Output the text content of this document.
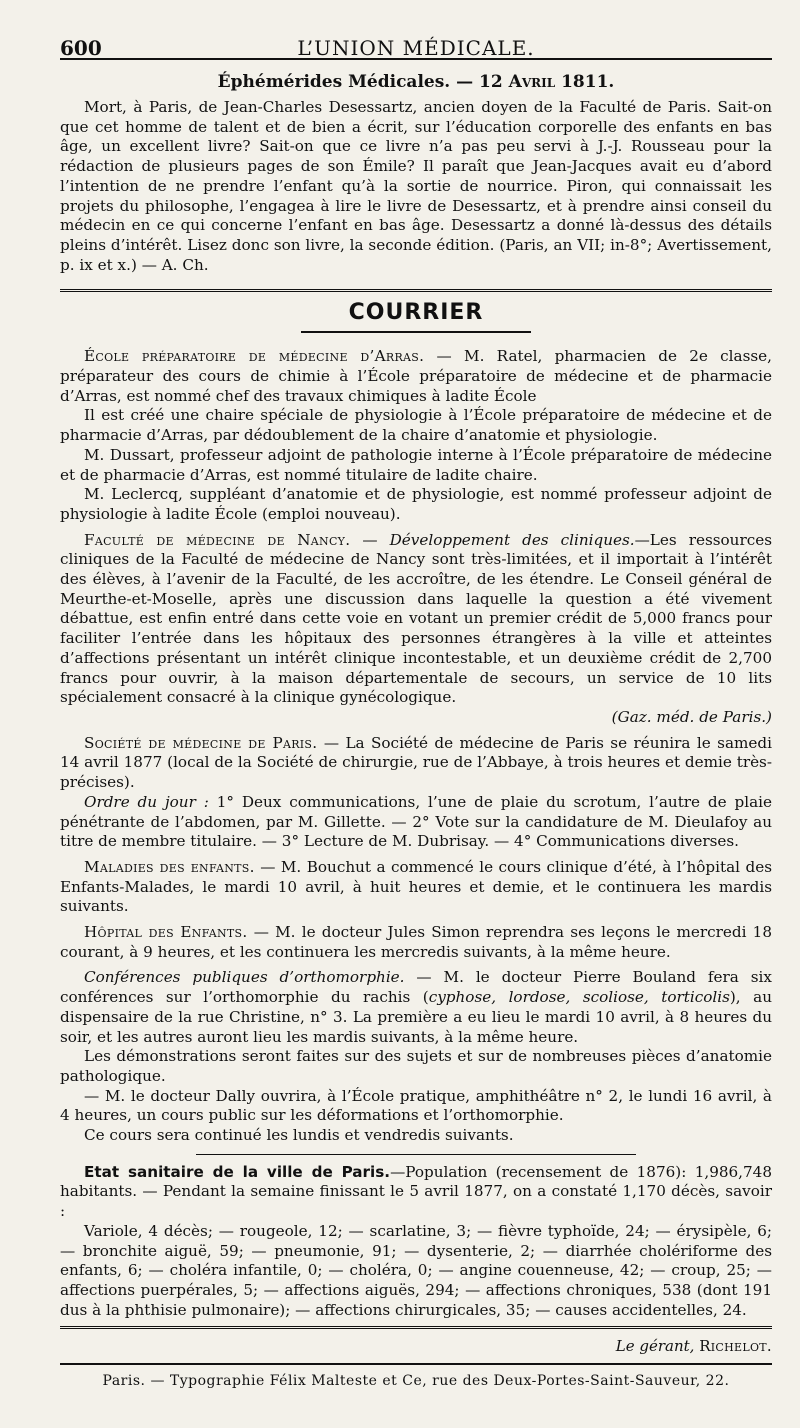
600	L’UNION MÉDICALE.
Éphémérides Médicales. — 12 Avril 1811.

Mort, à Paris, de Jean-Charles Desessartz, ancien doyen de la Faculté de Paris. Sait-on que cet homme de talent et de bien a écrit, sur l’éducation corporelle des enfants en bas âge, un excellent livre? Sait-on que ce livre n’a pas peu servi à J.-J. Rousseau pour la rédaction de plusieurs pages de son Émile? Il paraît que Jean-Jacques avait eu d’abord l’intention de ne prendre l’enfant qu’à la sortie de nourrice. Piron, qui connaissait les projets du philosophe, l’engagea à lire le livre de Desessartz, et à prendre ainsi conseil du médecin en ce qui concerne l’enfant en bas âge. Desessartz a donné là-dessus des détails pleins d’intérêt. Lisez donc son livre, la seconde édition. (Paris, an VII; in-8°; Avertissement, p. ix et x.) — A. Ch.

COURRIER

École préparatoire de médecine d’Arras. — M. Ratel, pharmacien de 2e classe, préparateur des cours de chimie à l’École préparatoire de médecine et de pharmacie d’Arras, est nommé chef des travaux chimiques à ladite École

Il est créé une chaire spéciale de physiologie à l’École préparatoire de médecine et de pharmacie d’Arras, par dédoublement de la chaire d’anatomie et physiologie.

M. Dussart, professeur adjoint de pathologie interne à l’École préparatoire de médecine et de pharmacie d’Arras, est nommé titulaire de ladite chaire.

M. Leclercq, suppléant d’anatomie et de physiologie, est nommé professeur adjoint de physiologie à ladite École (emploi nouveau).

Faculté de médecine de Nancy. — Développement des cliniques.—Les ressources cliniques de la Faculté de médecine de Nancy sont très-limitées, et il importait à l’intérêt des élèves, à l’avenir de la Faculté, de les accroître, de les étendre. Le Conseil général de Meurthe-et-Moselle, après une discussion dans laquelle la question a été vivement débattue, est enfin entré dans cette voie en votant un premier crédit de 5,000 francs pour faciliter l’entrée dans les hôpitaux des personnes étrangères à la ville et atteintes d’affections présentant un intérêt clinique incontestable, et un deuxième crédit de 2,700 francs pour ouvrir, à la maison départementale de secours, un service de 10 lits spécialement consacré à la clinique gynécologique.

(Gaz. méd. de Paris.)

Société de médecine de Paris. — La Société de médecine de Paris se réunira le samedi 14 avril 1877 (local de la Société de chirurgie, rue de l’Abbaye, à trois heures et demie très-précises).

Ordre du jour : 1° Deux communications, l’une de plaie du scrotum, l’autre de plaie pénétrante de l’abdomen, par M. Gillette. — 2° Vote sur la candidature de M. Dieulafoy au titre de membre titulaire. — 3° Lecture de M. Dubrisay. — 4° Communications diverses.

Maladies des enfants. — M. Bouchut a commencé le cours clinique d’été, à l’hôpital des Enfants-Malades, le mardi 10 avril, à huit heures et demie, et le continuera les mardis suivants.

Hôpital des Enfants. — M. le docteur Jules Simon reprendra ses leçons le mercredi 18 courant, à 9 heures, et les continuera les mercredis suivants, à la même heure.

Conférences publiques d’orthomorphie. — M. le docteur Pierre Bouland fera six conférences sur l’orthomorphie du rachis (cyphose, lordose, scoliose, torticolis), au dispensaire de la rue Christine, n° 3. La première a eu lieu le mardi 10 avril, à 8 heures du soir, et les autres auront lieu les mardis suivants, à la même heure.

Les démonstrations seront faites sur des sujets et sur de nombreuses pièces d’anatomie pathologique.

— M. le docteur Dally ouvrira, à l’École pratique, amphithéâtre n° 2, le lundi 16 avril, à 4 heures, un cours public sur les déformations et l’orthomorphie.

Ce cours sera continué les lundis et vendredis suivants.

Etat sanitaire de la ville de Paris.—Population (recensement de 1876): 1,986,748 habitants. — Pendant la semaine finissant le 5 avril 1877, on a constaté 1,170 décès, savoir :

Variole, 4 décès; — rougeole, 12; — scarlatine, 3; — fièvre typhoïde, 24; — érysipèle, 6; — bronchite aiguë, 59; — pneumonie, 91; — dysenterie, 2; — diarrhée cholériforme des enfants, 6; — choléra infantile, 0; — choléra, 0; — angine couenneuse, 42; — croup, 25; — affections puerpérales, 5; — affections aiguës, 294; — affections chroniques, 538 (dont 191 dus à la phthisie pulmonaire); — affections chirurgicales, 35; — causes accidentelles, 24.

Le gérant, Richelot.
Paris. — Typographie Félix Malteste et Ce, rue des Deux-Portes-Saint-Sauveur, 22.
